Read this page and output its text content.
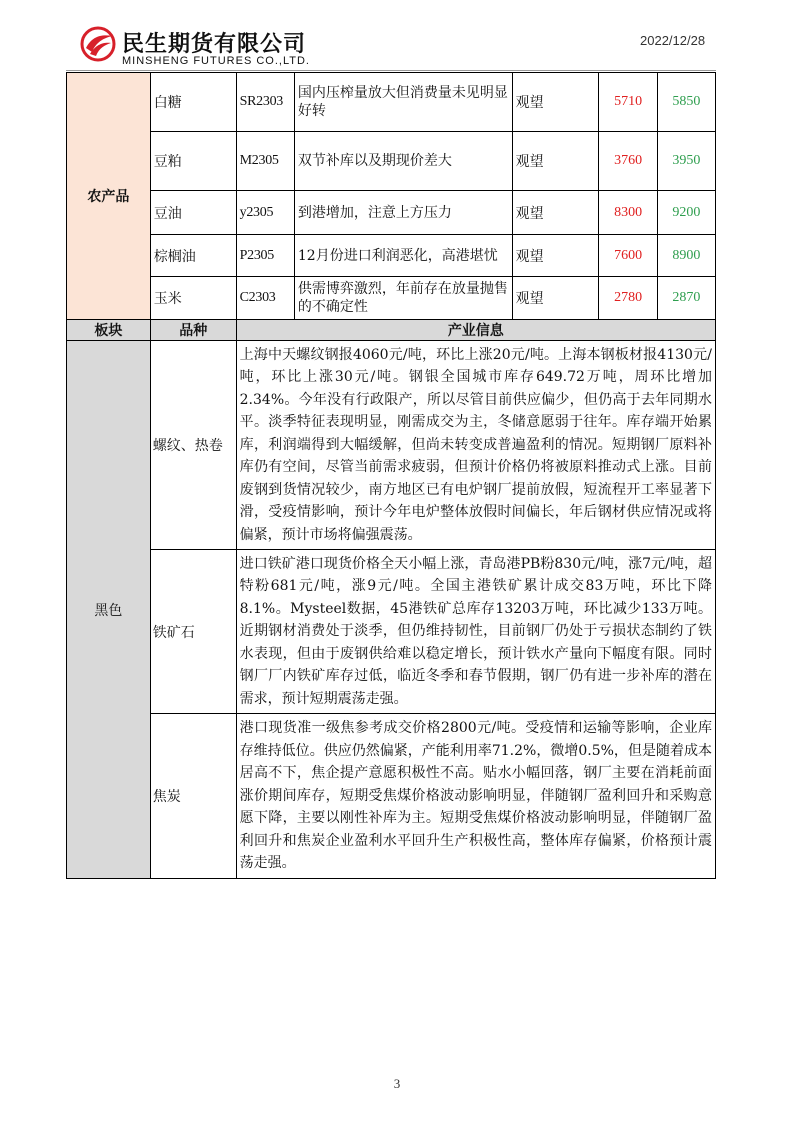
民生期货有限公司
MINSHENG FUTURES CO.,LTD.
2022/12/28
农产品	白糖	SR2303	国内压榨量放大但消费量未见明显好转	观望	5710	5850
	豆粕	M2305	双节补库以及期现价差大	观望	3760	3950
	豆油	y2305	到港增加，注意上方压力	观望	8300	9200
	棕榈油	P2305	12月份进口利润恶化，高港堪忧	观望	7600	8900
	玉米	C2303	供需博弈激烈，年前存在放量抛售的不确定性	观望	2780	2870
板块	品种	产业信息				
黑色	螺纹、热卷	上海中天螺纹钢报4060元/吨，环比上涨20元/吨。上海本钢板材报4130元/吨，环比上涨30元/吨。钢银全国城市库存649.72万吨，周环比增加2.34%。今年没有行政限产，所以尽管目前供应偏少，但仍高于去年同期水平。淡季特征表现明显，刚需成交为主，冬储意愿弱于往年。库存端开始累库，利润端得到大幅缓解，但尚未转变成普遍盈利的情况。短期钢厂原料补库仍有空间，尽管当前需求疲弱，但预计价格仍将被原料推动式上涨。目前废钢到货情况较少，南方地区已有电炉钢厂提前放假，短流程开工率显著下滑，受疫情影响，预计今年电炉整体放假时间偏长，年后钢材供应情况或将偏紧，预计市场将偏强震荡。				
	铁矿石	进口铁矿港口现货价格全天小幅上涨，青岛港PB粉830元/吨，涨7元/吨，超特粉681元/吨，涨9元/吨。全国主港铁矿累计成交83万吨，环比下降8.1%。Mysteel数据，45港铁矿总库存13203万吨，环比减少133万吨。近期钢材消费处于淡季，但仍维持韧性，目前钢厂仍处于亏损状态制约了铁水表现，但由于废钢供给难以稳定增长，预计铁水产量向下幅度有限。同时钢厂厂内铁矿库存过低，临近冬季和春节假期，钢厂仍有进一步补库的潜在需求，预计短期震荡走强。				
	焦炭	港口现货准一级焦参考成交价格2800元/吨。受疫情和运输等影响，企业库存维持低位。供应仍然偏紧，产能利用率71.2%，微增0.5%，但是随着成本居高不下，焦企提产意愿积极性不高。贴水小幅回落，钢厂主要在消耗前面涨价期间库存，短期受焦煤价格波动影响明显，伴随钢厂盈利回升和采购意愿下降，主要以刚性补库为主。短期受焦煤价格波动影响明显，伴随钢厂盈利回升和焦炭企业盈利水平回升生产积极性高，整体库存偏紧，价格预计震荡走强。				
3
